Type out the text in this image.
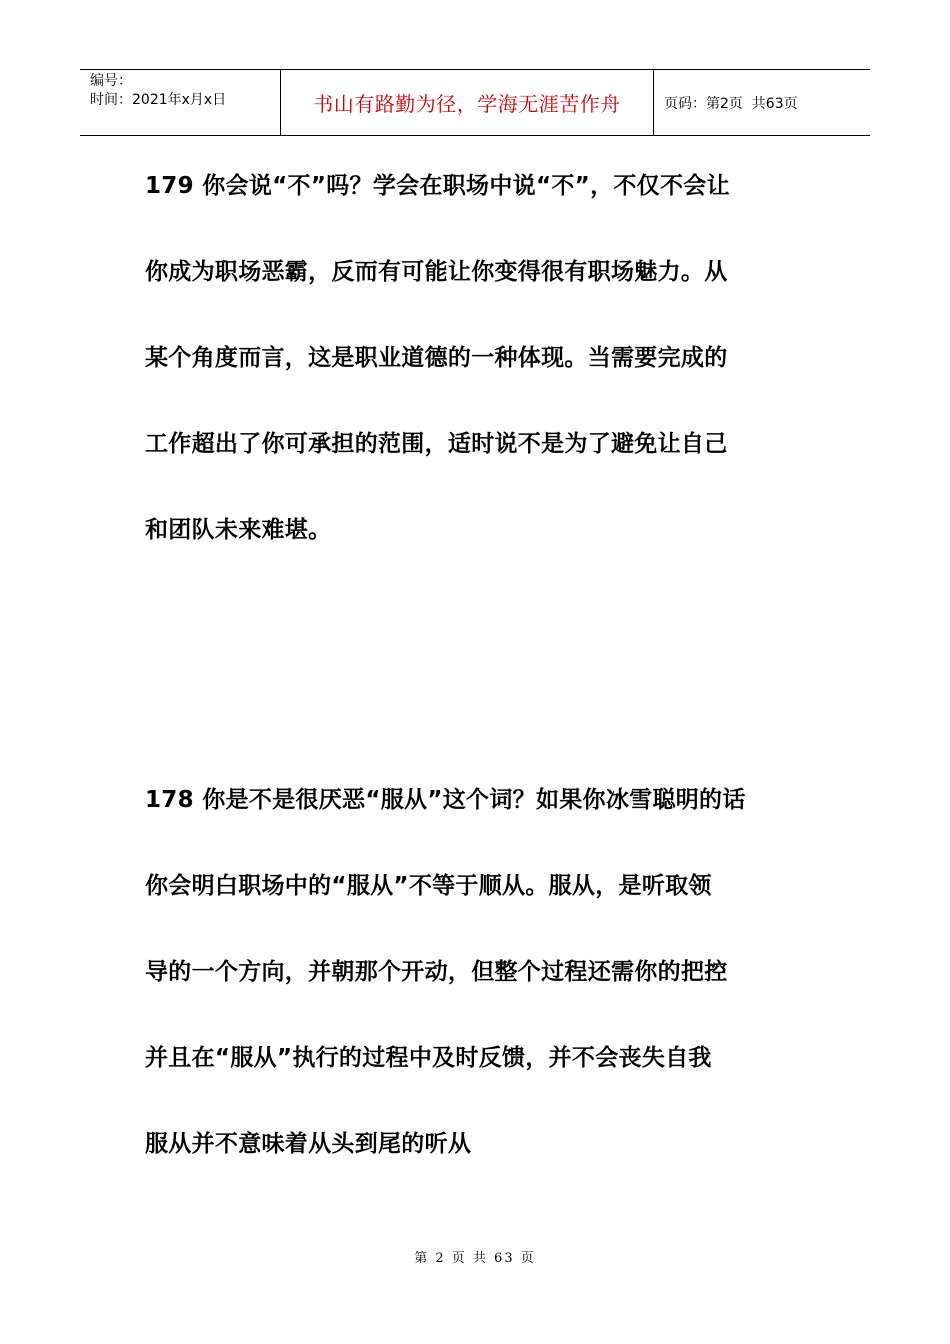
编号：
时间：2021年x月x日	书山有路勤为径，学海无涯苦作舟	页码：第2页  共63页

179 你会说“不”吗？学会在职场中说“不”，不仅不会让

你成为职场恶霸，反而有可能让你变得很有职场魅力。从

某个角度而言，这是职业道德的一种体现。当需要完成的

工作超出了你可承担的范围，适时说不是为了避免让自己

和团队未来难堪。

178 你是不是很厌恶“服从”这个词？如果你冰雪聪明的话

你会明白职场中的“服从”不等于顺从。服从，是听取领

导的一个方向，并朝那个开动，但整个过程还需你的把控

并且在“服从”执行的过程中及时反馈，并不会丧失自我

服从并不意味着从头到尾的听从

第 2 页 共 63 页
